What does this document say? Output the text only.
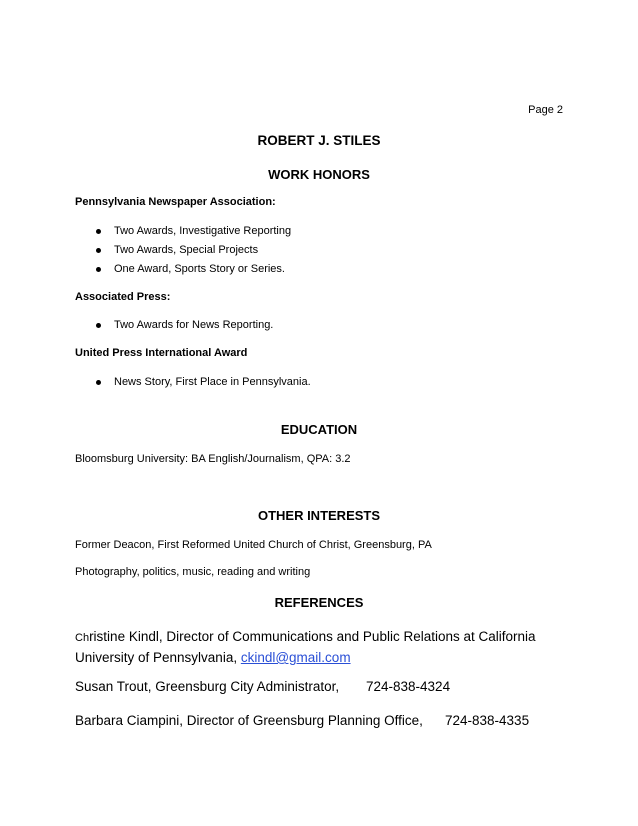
Page 2
ROBERT J. STILES
WORK HONORS
Pennsylvania Newspaper Association:
Two Awards, Investigative Reporting
Two Awards, Special Projects
One Award, Sports Story or Series.
Associated Press:
Two Awards for News Reporting.
United Press International Award
News Story, First Place in Pennsylvania.
EDUCATION
Bloomsburg University: BA English/Journalism, QPA: 3.2
OTHER INTERESTS
Former Deacon, First Reformed United Church of Christ, Greensburg, PA
Photography, politics, music, reading and writing
REFERENCES
Christine Kindl, Director of Communications and Public Relations at California University of Pennsylvania, ckindl@gmail.com
Susan Trout, Greensburg City Administrator, 724-838-4324
Barbara Ciampini, Director of Greensburg Planning Office, 724-838-4335
